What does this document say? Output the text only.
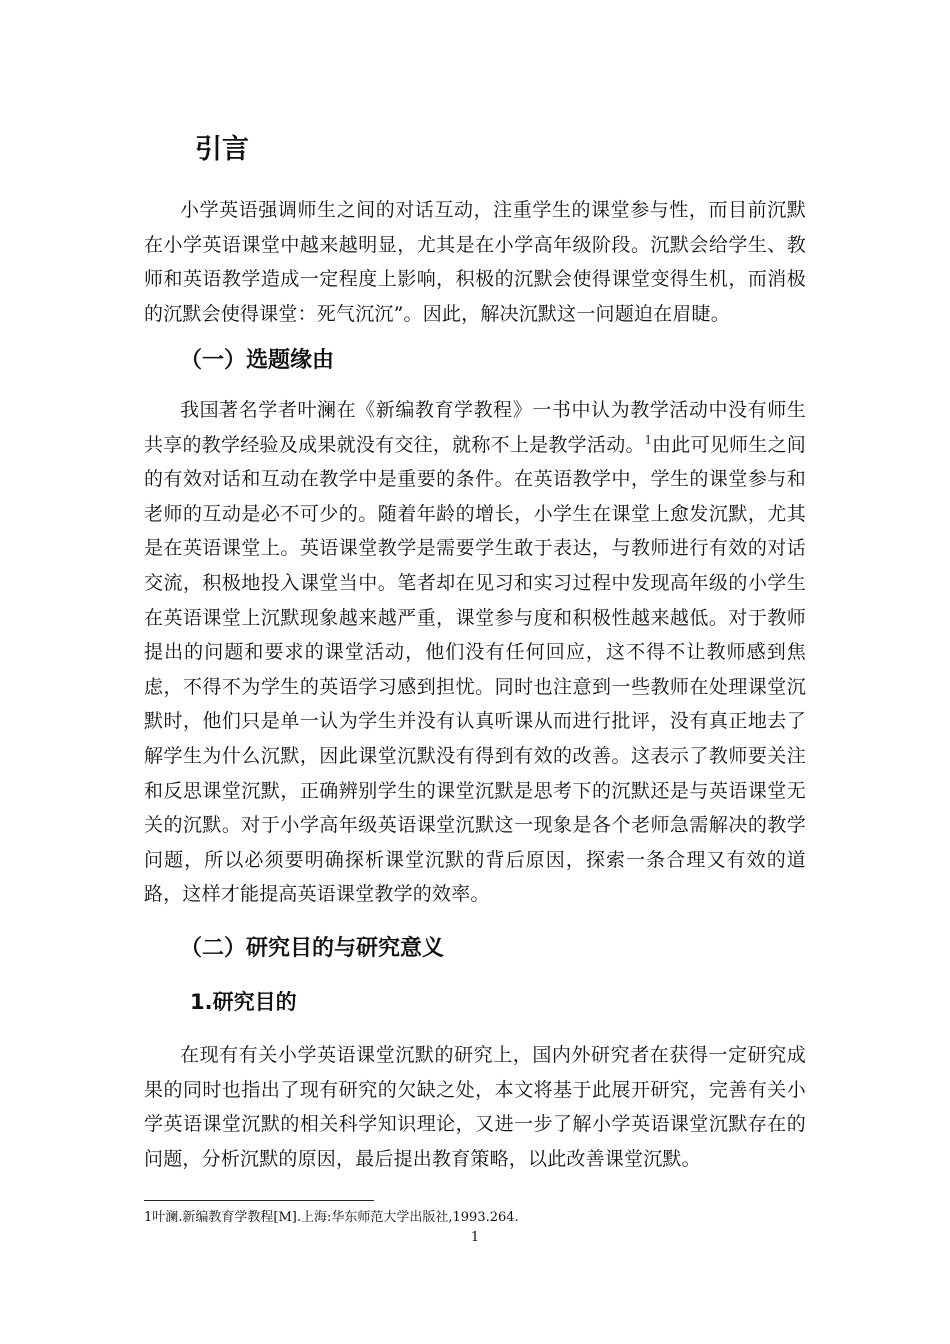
引言

小学英语强调师生之间的对话互动，注重学生的课堂参与性，而目前沉默在小学英语课堂中越来越明显，尤其是在小学高年级阶段。沉默会给学生、教师和英语教学造成一定程度上影响，积极的沉默会使得课堂变得生机，而消极的沉默会使得课堂：死气沉沉”。因此，解决沉默这一问题迫在眉睫。

（一）选题缘由

我国著名学者叶澜在《新编教育学教程》一书中认为教学活动中没有师生共享的教学经验及成果就没有交往，就称不上是教学活动。$^1$由此可见师生之间的有效对话和互动在教学中是重要的条件。在英语教学中，学生的课堂参与和老师的互动是必不可少的。随着年龄的增长，小学生在课堂上愈发沉默，尤其是在英语课堂上。英语课堂教学是需要学生敢于表达，与教师进行有效的对话交流，积极地投入课堂当中。笔者却在见习和实习过程中发现高年级的小学生在英语课堂上沉默现象越来越严重，课堂参与度和积极性越来越低。对于教师提出的问题和要求的课堂活动，他们没有任何回应，这不得不让教师感到焦虑，不得不为学生的英语学习感到担忧。同时也注意到一些教师在处理课堂沉默时，他们只是单一认为学生并没有认真听课从而进行批评，没有真正地去了解学生为什么沉默，因此课堂沉默没有得到有效的改善。这表示了教师要关注和反思课堂沉默，正确辨别学生的课堂沉默是思考下的沉默还是与英语课堂无关的沉默。对于小学高年级英语课堂沉默这一现象是各个老师急需解决的教学问题，所以必须要明确探析课堂沉默的背后原因，探索一条合理又有效的道路，这样才能提高英语课堂教学的效率。

（二）研究目的与研究意义
1.研究目的

在现有有关小学英语课堂沉默的研究上，国内外研究者在获得一定研究成果的同时也指出了现有研究的欠缺之处，本文将基于此展开研究，完善有关小学英语课堂沉默的相关科学知识理论，又进一步了解小学英语课堂沉默存在的问题，分析沉默的原因，最后提出教育策略，以此改善课堂沉默。

1叶澜.新编教育学教程[M].上海:华东师范大学出版社,1993.264.

1
